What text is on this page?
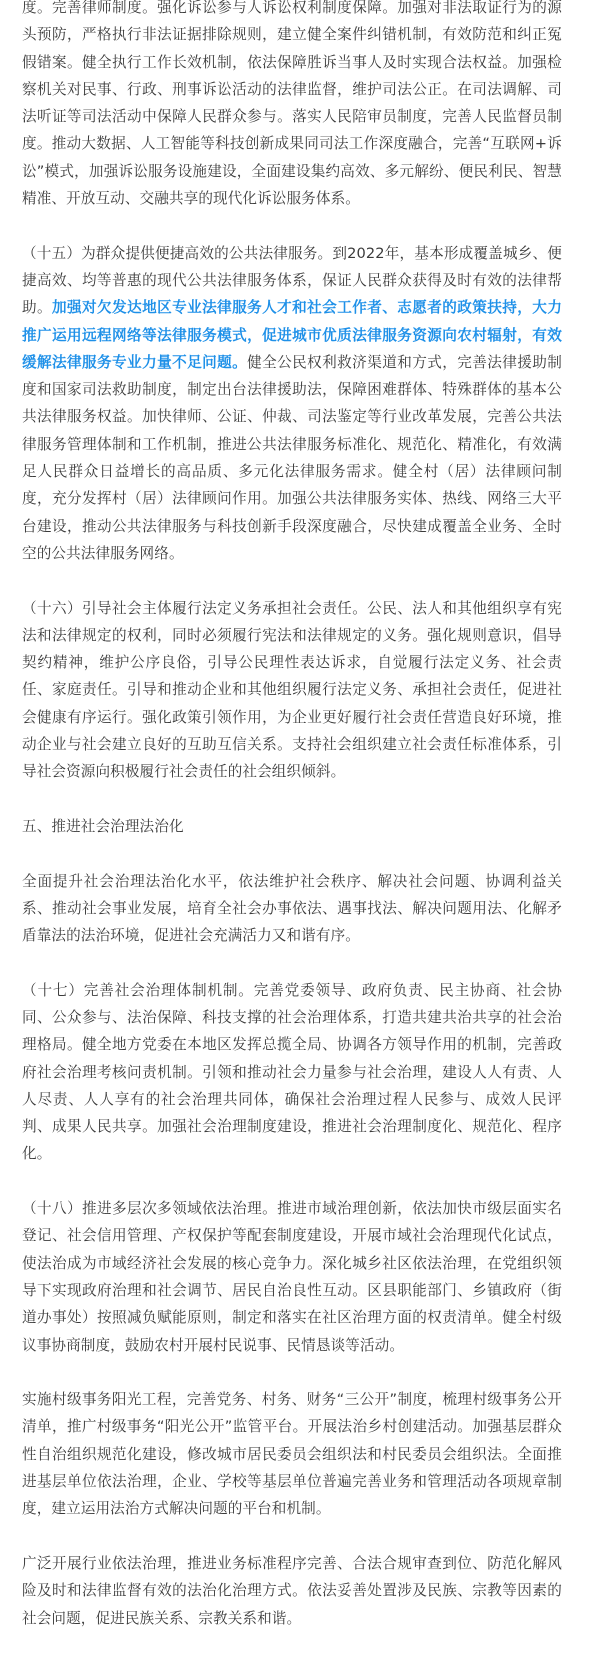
度。完善律师制度。强化诉讼参与人诉讼权利制度保障。加强对非法取证行为的源头预防，严格执行非法证据排除规则，建立健全案件纠错机制，有效防范和纠正冤假错案。健全执行工作长效机制，依法保障胜诉当事人及时实现合法权益。加强检察机关对民事、行政、刑事诉讼活动的法律监督，维护司法公正。在司法调解、司法听证等司法活动中保障人民群众参与。落实人民陪审员制度，完善人民监督员制度。推动大数据、人工智能等科技创新成果同司法工作深度融合，完善“互联网+诉讼”模式，加强诉讼服务设施建设，全面建设集约高效、多元解纷、便民利民、智慧精准、开放互动、交融共享的现代化诉讼服务体系。

（十五）为群众提供便捷高效的公共法律服务。到2022年，基本形成覆盖城乡、便捷高效、均等普惠的现代公共法律服务体系，保证人民群众获得及时有效的法律帮助。加强对欠发达地区专业法律服务人才和社会工作者、志愿者的政策扶持，大力推广运用远程网络等法律服务模式，促进城市优质法律服务资源向农村辐射，有效缓解法律服务专业力量不足问题。健全公民权利救济渠道和方式，完善法律援助制度和国家司法救助制度，制定出台法律援助法，保障困难群体、特殊群体的基本公共法律服务权益。加快律师、公证、仲裁、司法鉴定等行业改革发展，完善公共法律服务管理体制和工作机制，推进公共法律服务标准化、规范化、精准化，有效满足人民群众日益增长的高品质、多元化法律服务需求。健全村（居）法律顾问制度，充分发挥村（居）法律顾问作用。加强公共法律服务实体、热线、网络三大平台建设，推动公共法律服务与科技创新手段深度融合，尽快建成覆盖全业务、全时空的公共法律服务网络。

（十六）引导社会主体履行法定义务承担社会责任。公民、法人和其他组织享有宪法和法律规定的权利，同时必须履行宪法和法律规定的义务。强化规则意识，倡导契约精神，维护公序良俗，引导公民理性表达诉求，自觉履行法定义务、社会责任、家庭责任。引导和推动企业和其他组织履行法定义务、承担社会责任，促进社会健康有序运行。强化政策引领作用，为企业更好履行社会责任营造良好环境，推动企业与社会建立良好的互助互信关系。支持社会组织建立社会责任标准体系，引导社会资源向积极履行社会责任的社会组织倾斜。

五、推进社会治理法治化

全面提升社会治理法治化水平，依法维护社会秩序、解决社会问题、协调利益关系、推动社会事业发展，培育全社会办事依法、遇事找法、解决问题用法、化解矛盾靠法的法治环境，促进社会充满活力又和谐有序。

（十七）完善社会治理体制机制。完善党委领导、政府负责、民主协商、社会协同、公众参与、法治保障、科技支撑的社会治理体系，打造共建共治共享的社会治理格局。健全地方党委在本地区发挥总揽全局、协调各方领导作用的机制，完善政府社会治理考核问责机制。引领和推动社会力量参与社会治理，建设人人有责、人人尽责、人人享有的社会治理共同体，确保社会治理过程人民参与、成效人民评判、成果人民共享。加强社会治理制度建设，推进社会治理制度化、规范化、程序化。

（十八）推进多层次多领域依法治理。推进市域治理创新，依法加快市级层面实名登记、社会信用管理、产权保护等配套制度建设，开展市域社会治理现代化试点，使法治成为市域经济社会发展的核心竞争力。深化城乡社区依法治理，在党组织领导下实现政府治理和社会调节、居民自治良性互动。区县职能部门、乡镇政府（街道办事处）按照减负赋能原则，制定和落实在社区治理方面的权责清单。健全村级议事协商制度，鼓励农村开展村民说事、民情恳谈等活动。

实施村级事务阳光工程，完善党务、村务、财务“三公开”制度，梳理村级事务公开清单，推广村级事务“阳光公开”监管平台。开展法治乡村创建活动。加强基层群众性自治组织规范化建设，修改城市居民委员会组织法和村民委员会组织法。全面推进基层单位依法治理，企业、学校等基层单位普遍完善业务和管理活动各项规章制度，建立运用法治方式解决问题的平台和机制。

广泛开展行业依法治理，推进业务标准程序完善、合法合规审查到位、防范化解风险及时和法律监督有效的法治化治理方式。依法妥善处置涉及民族、宗教等因素的社会问题，促进民族关系、宗教关系和谐。
